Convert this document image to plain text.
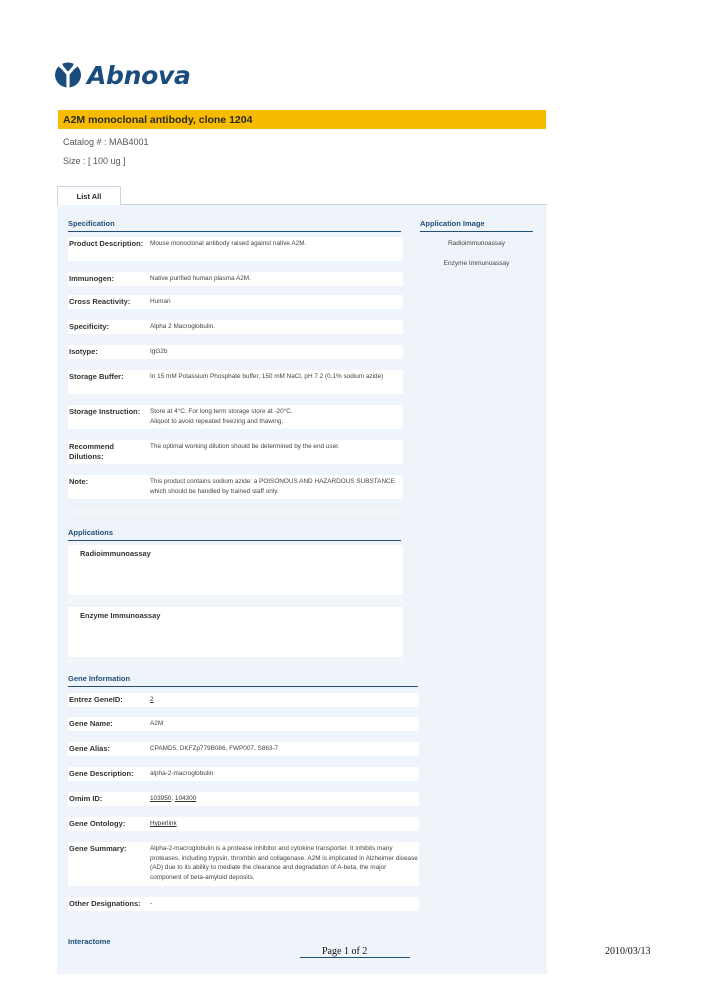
Abnova
A2M monoclonal antibody, clone 1204
Catalog # : MAB4001
Size : [ 100 ug ]
List All
Specification
Product Description: Mouse monoclonal antibody raised against native A2M.
Immunogen:	Native purified human plasma A2M.
Cross Reactivity:	Human
Specificity:	Alpha 2 Macroglobulin.
Isotype:	IgG2b
Storage Buffer:	In 15 mM Potassium Phosphate buffer, 150 mM NaCl, pH 7.2 (0.1% sodium azide)
Storage Instruction:	Store at 4°C. For long term storage store at -20°C.
Aliquot to avoid repeated freezing and thawing.
Recommend Dilutions:
The optimal working dilution should be determined by the end user.
Note:	This product contains sodium azide: a POISONOUS AND HAZARDOUS SUBSTANCE which should be handled by trained staff only.
Application Image
Radioimmunoassay
Enzyme Immunoassay
Applications
Radioimmunoassay
Enzyme Immunoassay
Gene Information
Entrez GeneID:	2
Gene Name:	A2M
Gene Alias:	CPAMD5, DKFZp779B086, FWP007, S863-7
Gene Description:	alpha-2-macroglobulin
Omim ID:	103950, 104300
Gene Ontology:	Hyperlink
Gene Summary:	Alpha-2-macroglobulin is a protease inhibitor and cytokine transporter. It inhibits many proteases, including trypsin, thrombin and collagenase. A2M is implicated in Alzheimer disease (AD) due to its ability to mediate the clearance and degradation of A-beta, the major component of beta-amyloid deposits.
Other Designations:	-
Interactome
Page 1 of 2	2010/03/13
